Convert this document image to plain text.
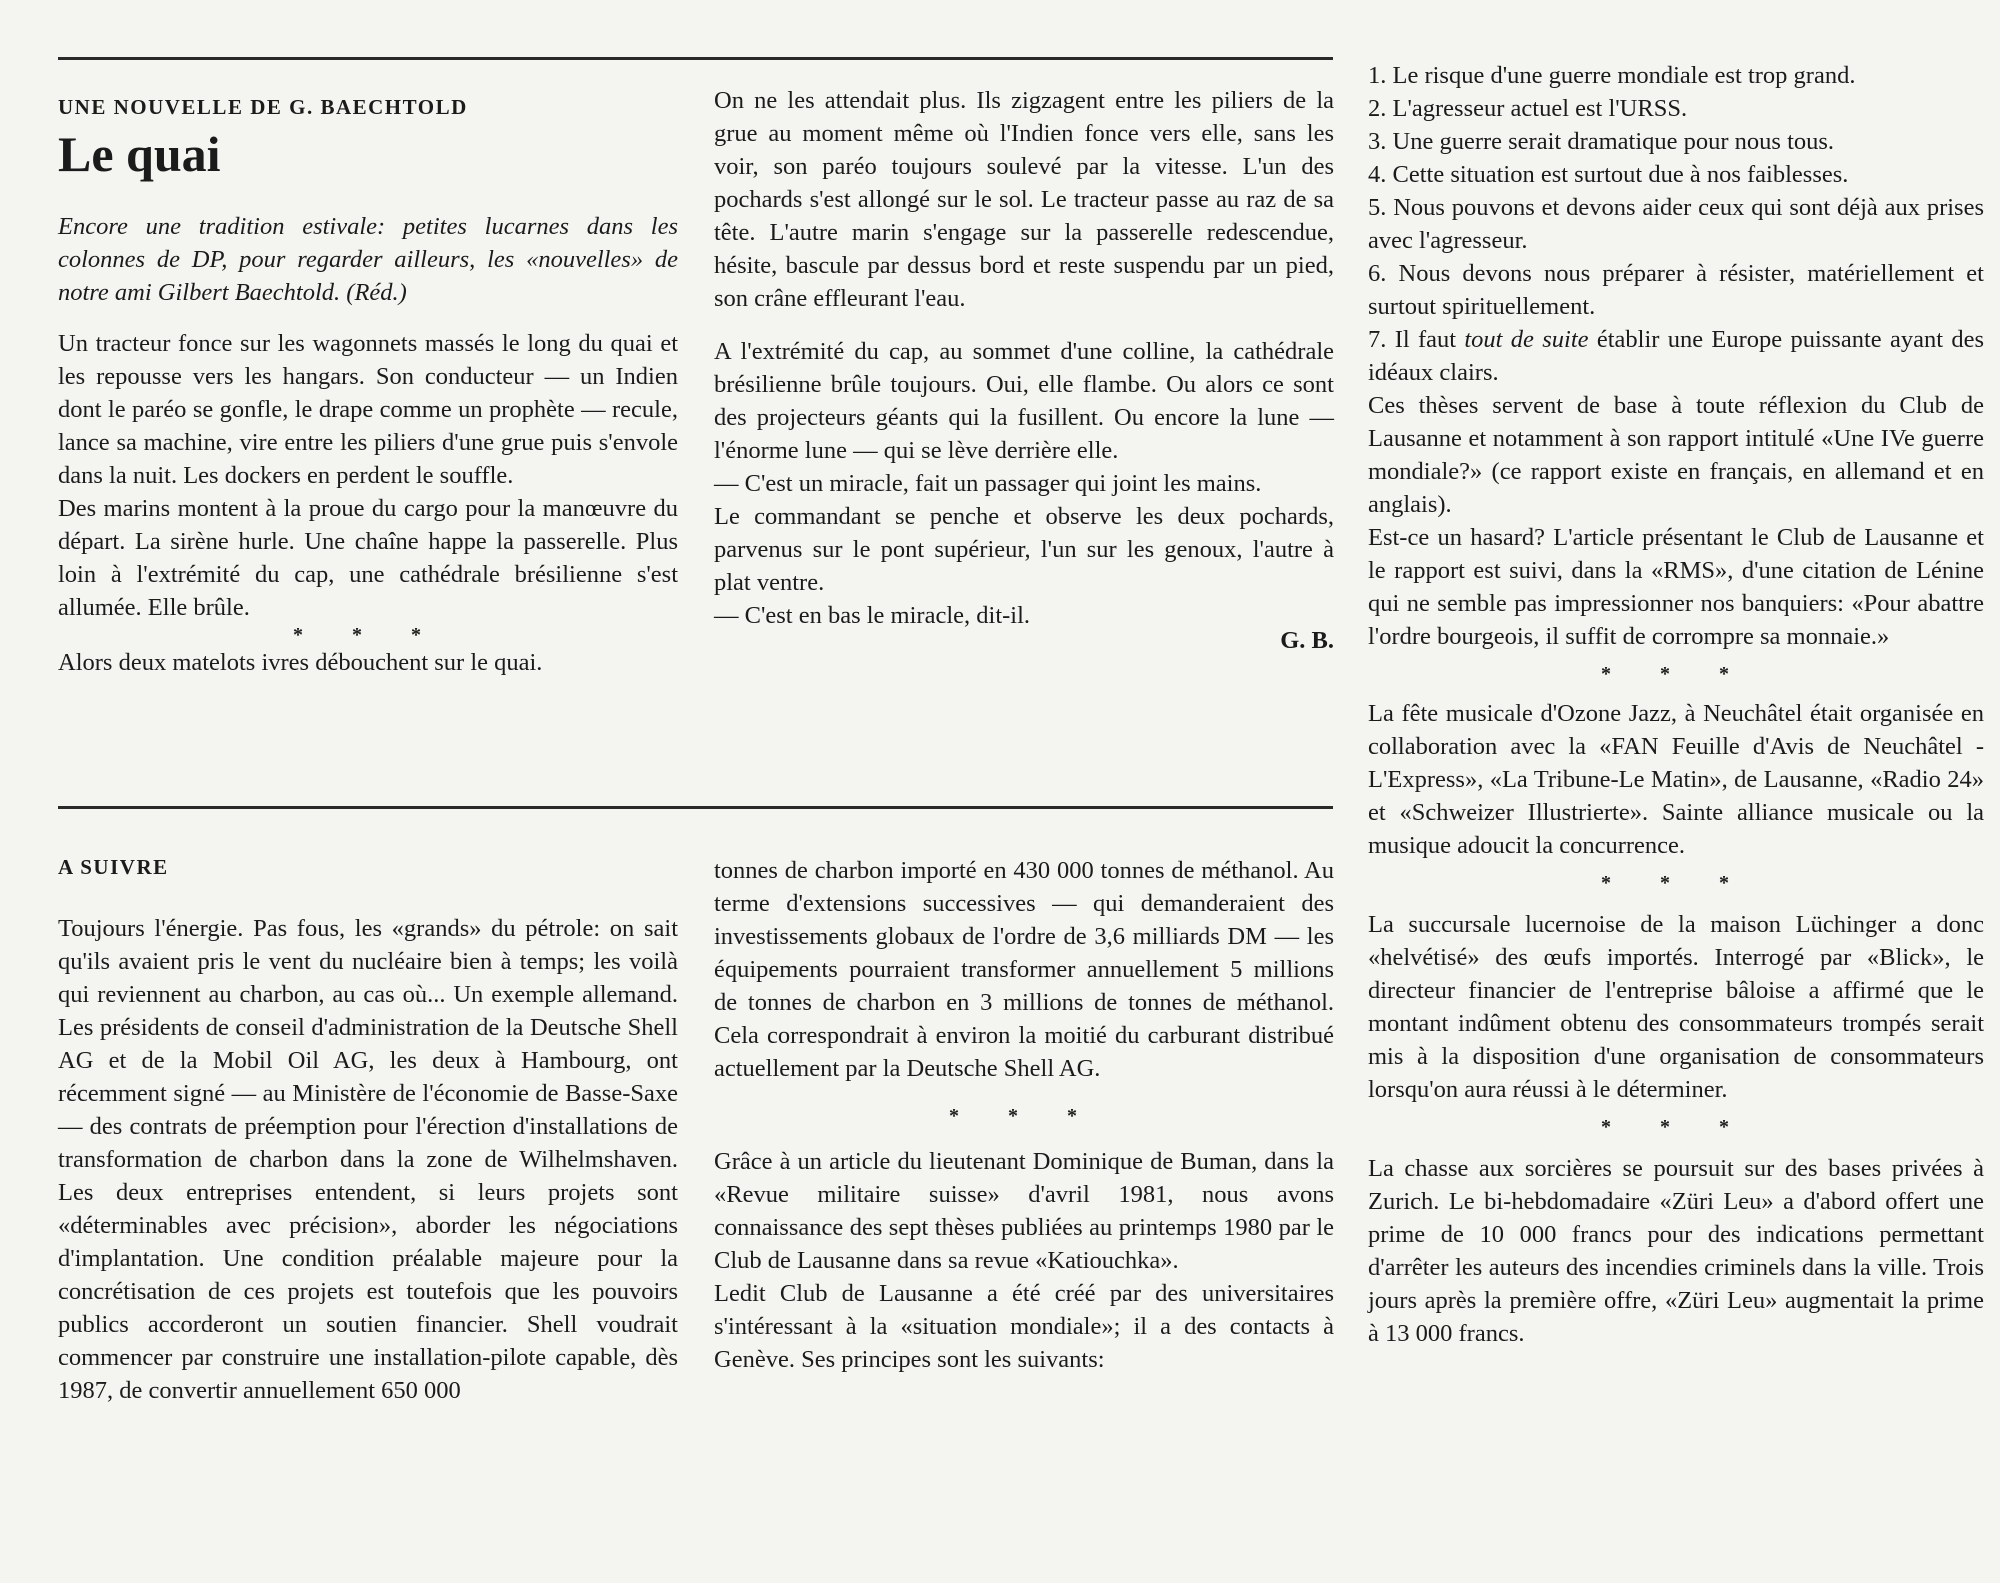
UNE NOUVELLE DE G. BAECHTOLD
Le quai

Encore une tradition estivale: petites lucarnes dans les colonnes de DP, pour regarder ailleurs, les «nouvelles» de notre ami Gilbert Baechtold. (Réd.)

Un tracteur fonce sur les wagonnets massés le long du quai et les repousse vers les hangars. Son conducteur — un Indien dont le paréo se gonfle, le drape comme un prophète — recule, lance sa machine, vire entre les piliers d'une grue puis s'envole dans la nuit. Les dockers en perdent le souffle.

Des marins montent à la proue du cargo pour la manœuvre du départ. La sirène hurle. Une chaîne happe la passerelle. Plus loin à l'extrémité du cap, une cathédrale brésilienne s'est allumée. Elle brûle.

* * *

Alors deux matelots ivres débouchent sur le quai.

On ne les attendait plus. Ils zigzagent entre les piliers de la grue au moment même où l'Indien fonce vers elle, sans les voir, son paréo toujours soulevé par la vitesse. L'un des pochards s'est allongé sur le sol. Le tracteur passe au raz de sa tête. L'autre marin s'engage sur la passerelle redescendue, hésite, bascule par dessus bord et reste suspendu par un pied, son crâne effleurant l'eau.

A l'extrémité du cap, au sommet d'une colline, la cathédrale brésilienne brûle toujours. Oui, elle flambe. Ou alors ce sont des projecteurs géants qui la fusillent. Ou encore la lune — l'énorme lune — qui se lève derrière elle.

— C'est un miracle, fait un passager qui joint les mains.

Le commandant se penche et observe les deux pochards, parvenus sur le pont supérieur, l'un sur les genoux, l'autre à plat ventre.

— C'est en bas le miracle, dit-il.

G. B.
A SUIVRE

Toujours l'énergie. Pas fous, les «grands» du pétrole: on sait qu'ils avaient pris le vent du nucléaire bien à temps; les voilà qui reviennent au charbon, au cas où... Un exemple allemand. Les présidents de conseil d'administration de la Deutsche Shell AG et de la Mobil Oil AG, les deux à Hambourg, ont récemment signé — au Ministère de l'économie de Basse-Saxe — des contrats de préemption pour l'érection d'installations de transformation de charbon dans la zone de Wilhelmshaven. Les deux entreprises entendent, si leurs projets sont «déterminables avec précision», aborder les négociations d'implantation. Une condition préalable majeure pour la concrétisation de ces projets est toutefois que les pouvoirs publics accorderont un soutien financier. Shell voudrait commencer par construire une installation-pilote capable, dès 1987, de convertir annuellement 650 000

tonnes de charbon importé en 430 000 tonnes de méthanol. Au terme d'extensions successives — qui demanderaient des investissements globaux de l'ordre de 3,6 milliards DM — les équipements pourraient transformer annuellement 5 millions de tonnes de charbon en 3 millions de tonnes de méthanol. Cela correspondrait à environ la moitié du carburant distribué actuellement par la Deutsche Shell AG.

* * *

Grâce à un article du lieutenant Dominique de Buman, dans la «Revue militaire suisse» d'avril 1981, nous avons connaissance des sept thèses publiées au printemps 1980 par le Club de Lausanne dans sa revue «Katiouchka».

Ledit Club de Lausanne a été créé par des universitaires s'intéressant à la «situation mondiale»; il a des contacts à Genève. Ses principes sont les suivants:

1. Le risque d'une guerre mondiale est trop grand.

2. L'agresseur actuel est l'URSS.

3. Une guerre serait dramatique pour nous tous.

4. Cette situation est surtout due à nos faiblesses.

5. Nous pouvons et devons aider ceux qui sont déjà aux prises avec l'agresseur.

6. Nous devons nous préparer à résister, matériellement et surtout spirituellement.

7. Il faut tout de suite établir une Europe puissante ayant des idéaux clairs.

Ces thèses servent de base à toute réflexion du Club de Lausanne et notamment à son rapport intitulé «Une IVe guerre mondiale?» (ce rapport existe en français, en allemand et en anglais).

Est-ce un hasard? L'article présentant le Club de Lausanne et le rapport est suivi, dans la «RMS», d'une citation de Lénine qui ne semble pas impressionner nos banquiers: «Pour abattre l'ordre bourgeois, il suffit de corrompre sa monnaie.»

* * *

La fête musicale d'Ozone Jazz, à Neuchâtel était organisée en collaboration avec la «FAN Feuille d'Avis de Neuchâtel - L'Express», «La Tribune-Le Matin», de Lausanne, «Radio 24» et «Schweizer Illustrierte». Sainte alliance musicale ou la musique adoucit la concurrence.

* * *

La succursale lucernoise de la maison Lüchinger a donc «helvétisé» des œufs importés. Interrogé par «Blick», le directeur financier de l'entreprise bâloise a affirmé que le montant indûment obtenu des consommateurs trompés serait mis à la disposition d'une organisation de consommateurs lorsqu'on aura réussi à le déterminer.

* * *

La chasse aux sorcières se poursuit sur des bases privées à Zurich. Le bi-hebdomadaire «Züri Leu» a d'abord offert une prime de 10 000 francs pour des indications permettant d'arrêter les auteurs des incendies criminels dans la ville. Trois jours après la première offre, «Züri Leu» augmentait la prime à 13 000 francs.
